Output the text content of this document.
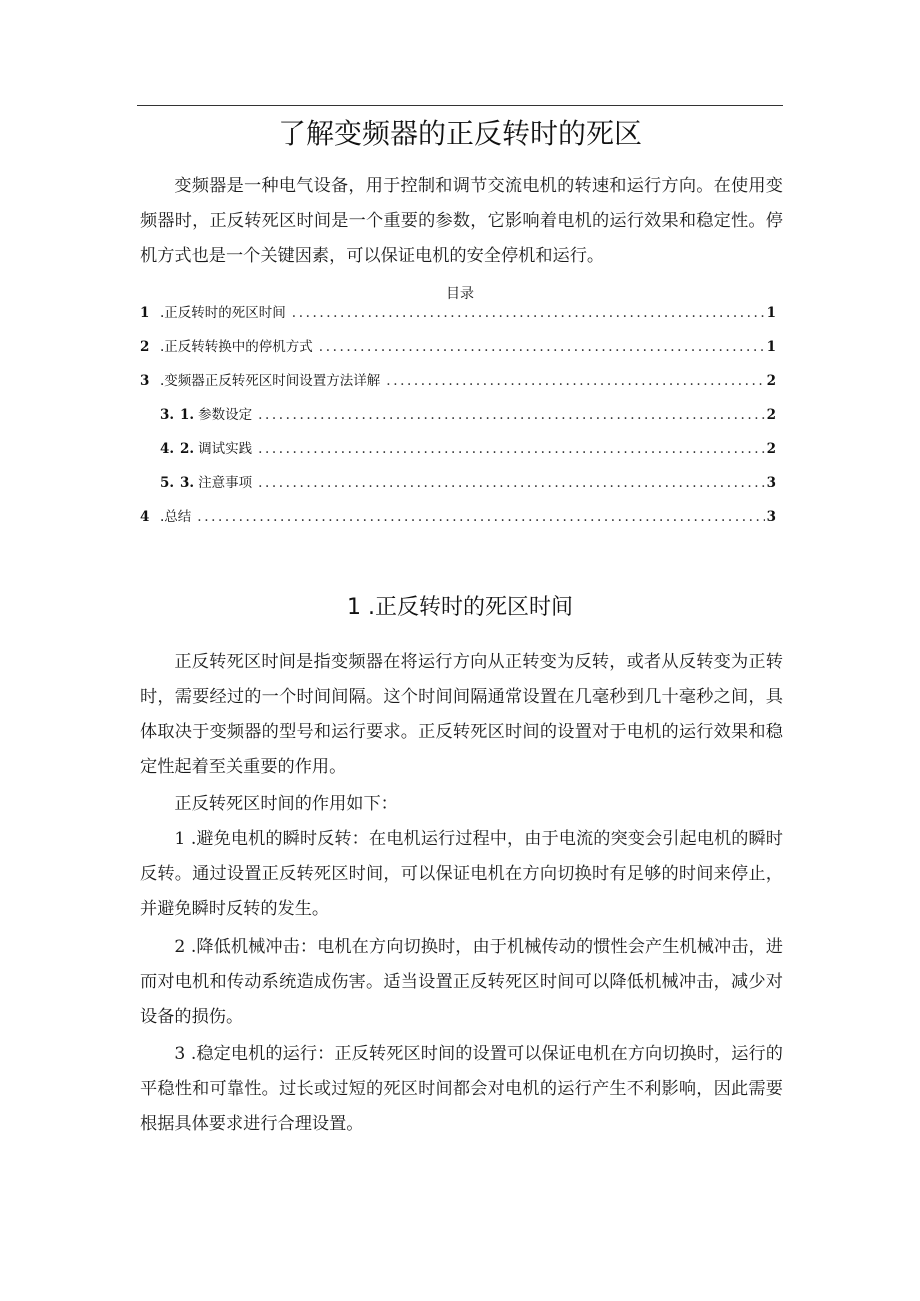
了解变频器的正反转时的死区

变频器是一种电气设备，用于控制和调节交流电机的转速和运行方向。在使用变频器时，正反转死区时间是一个重要的参数，它影响着电机的运行效果和稳定性。停机方式也是一个关键因素，可以保证电机的安全停机和运行。

目录
1 .正反转时的死区时间 .....	1
2 .正反转转换中的停机方式 .....	1
3 .变频器正反转死区时间设置方法详解 .....	2
3. 1. 参数设定 .....	2
4. 2. 调试实践 .....	2
5. 3. 注意事项 .....	3
4 .总结 .....	3
1 .正反转时的死区时间

正反转死区时间是指变频器在将运行方向从正转变为反转，或者从反转变为正转时，需要经过的一个时间间隔。这个时间间隔通常设置在几毫秒到几十毫秒之间，具体取决于变频器的型号和运行要求。正反转死区时间的设置对于电机的运行效果和稳定性起着至关重要的作用。

正反转死区时间的作用如下：

1 .避免电机的瞬时反转：在电机运行过程中，由于电流的突变会引起电机的瞬时反转。通过设置正反转死区时间，可以保证电机在方向切换时有足够的时间来停止，并避免瞬时反转的发生。

2 .降低机械冲击：电机在方向切换时，由于机械传动的惯性会产生机械冲击，进而对电机和传动系统造成伤害。适当设置正反转死区时间可以降低机械冲击，减少对设备的损伤。

3 .稳定电机的运行：正反转死区时间的设置可以保证电机在方向切换时，运行的平稳性和可靠性。过长或过短的死区时间都会对电机的运行产生不利影响，因此需要根据具体要求进行合理设置。
